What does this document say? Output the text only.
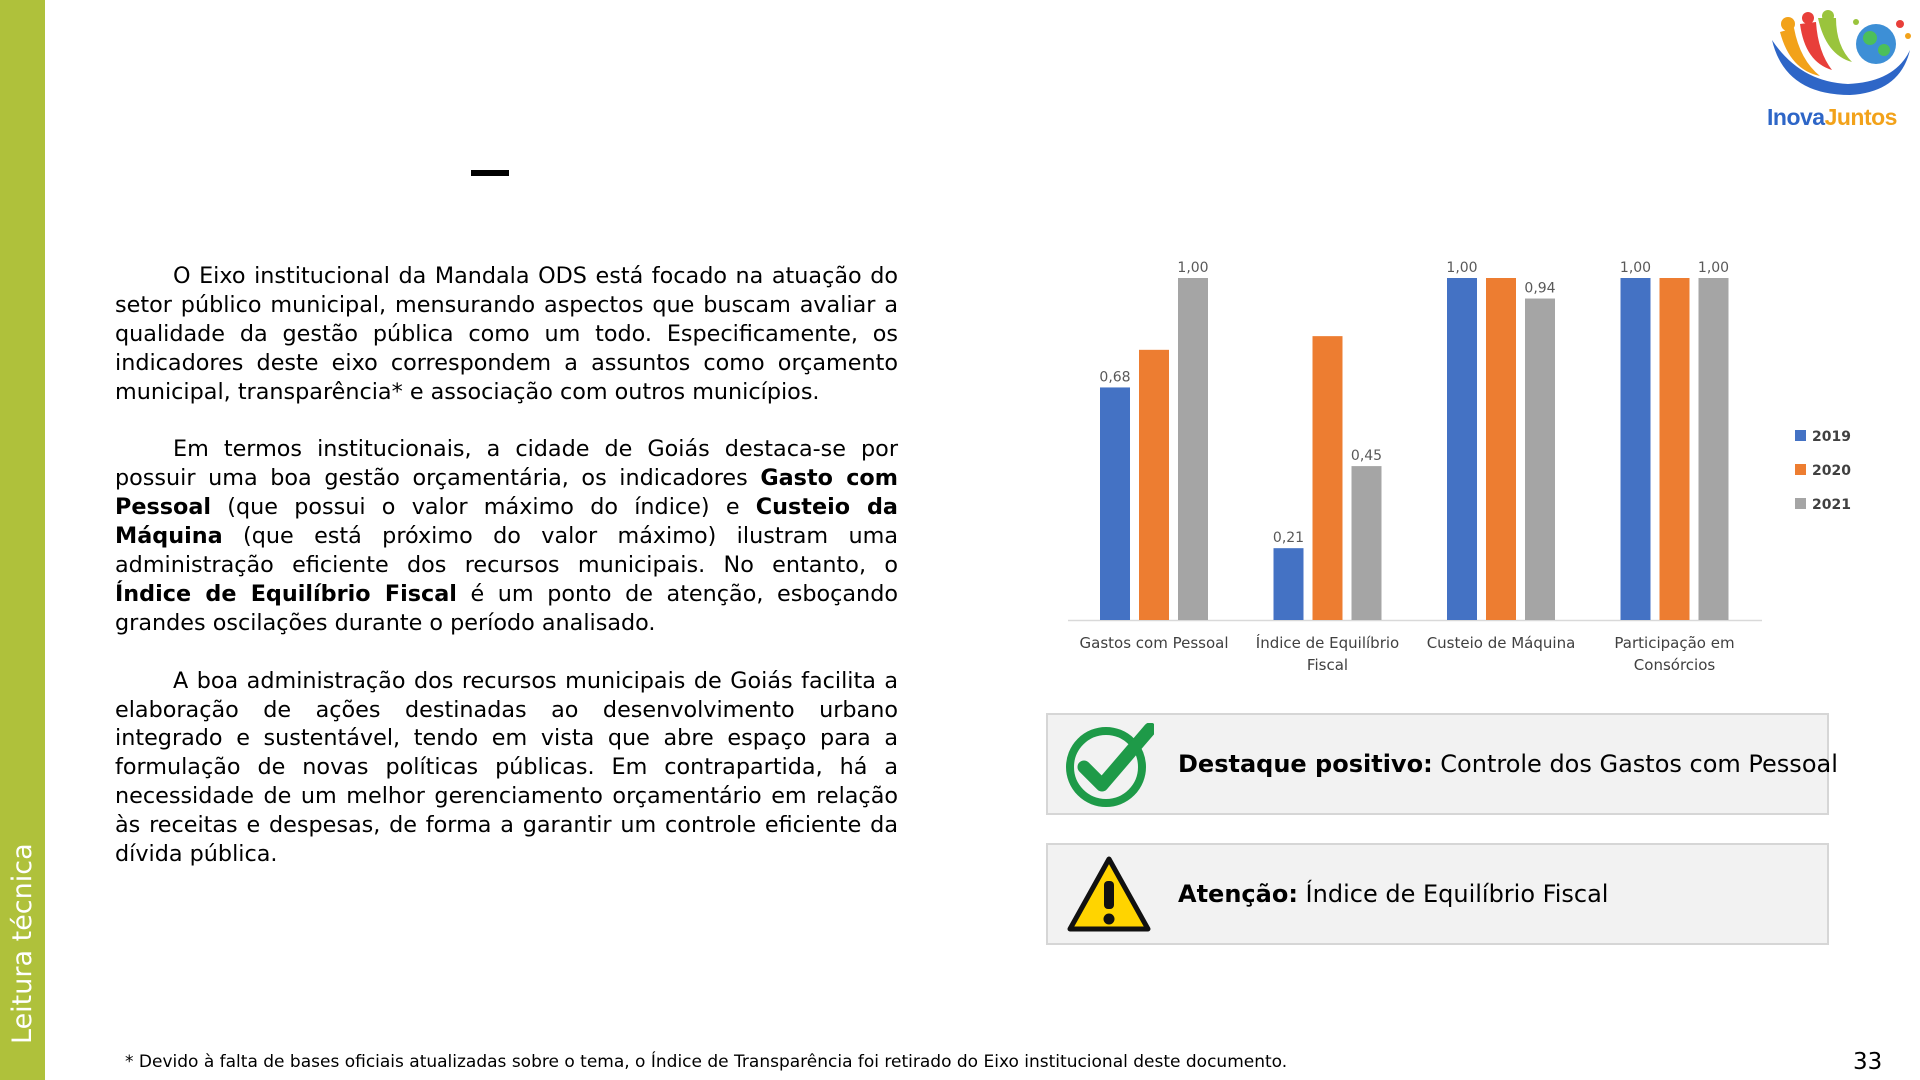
Leitura técnica
InovaJuntos

O Eixo institucional da Mandala ODS está focado na atuação do setor público municipal, mensurando aspectos que buscam avaliar a qualidade da gestão pública como um todo. Especificamente, os indicadores deste eixo correspondem a assuntos como orçamento municipal, transparência* e associação com outros municípios.

Em termos institucionais, a cidade de Goiás destaca-se por possuir uma boa gestão orçamentária, os indicadores Gasto com Pessoal (que possui o valor máximo do índice) e Custeio da Máquina (que está próximo do valor máximo) ilustram uma administração eficiente dos recursos municipais. No entanto, o Índice de Equilíbrio Fiscal é um ponto de atenção, esboçando grandes oscilações durante o período analisado.

A boa administração dos recursos municipais de Goiás facilita a elaboração de ações destinadas ao desenvolvimento urbano integrado e sustentável, tendo em vista que abre espaço para a formulação de novas políticas públicas. Em contrapartida, há a necessidade de um melhor gerenciamento orçamentário em relação às receitas e despesas, de forma a garantir um controle eficiente da dívida pública.

0,68
1,00
Gastos com Pessoal
0,21
0,45
Índice de Equilíbrio
Fiscal
1,00
0,94
Custeio de Máquina
1,00	1,00
Participação em
Consórcios
2019
2020
2021
Destaque positivo: Controle dos Gastos com Pessoal
Atenção: Índice de Equilíbrio Fiscal
* Devido à falta de bases oficiais atualizadas sobre o tema, o Índice de Transparência foi retirado do Eixo institucional deste documento.	33
